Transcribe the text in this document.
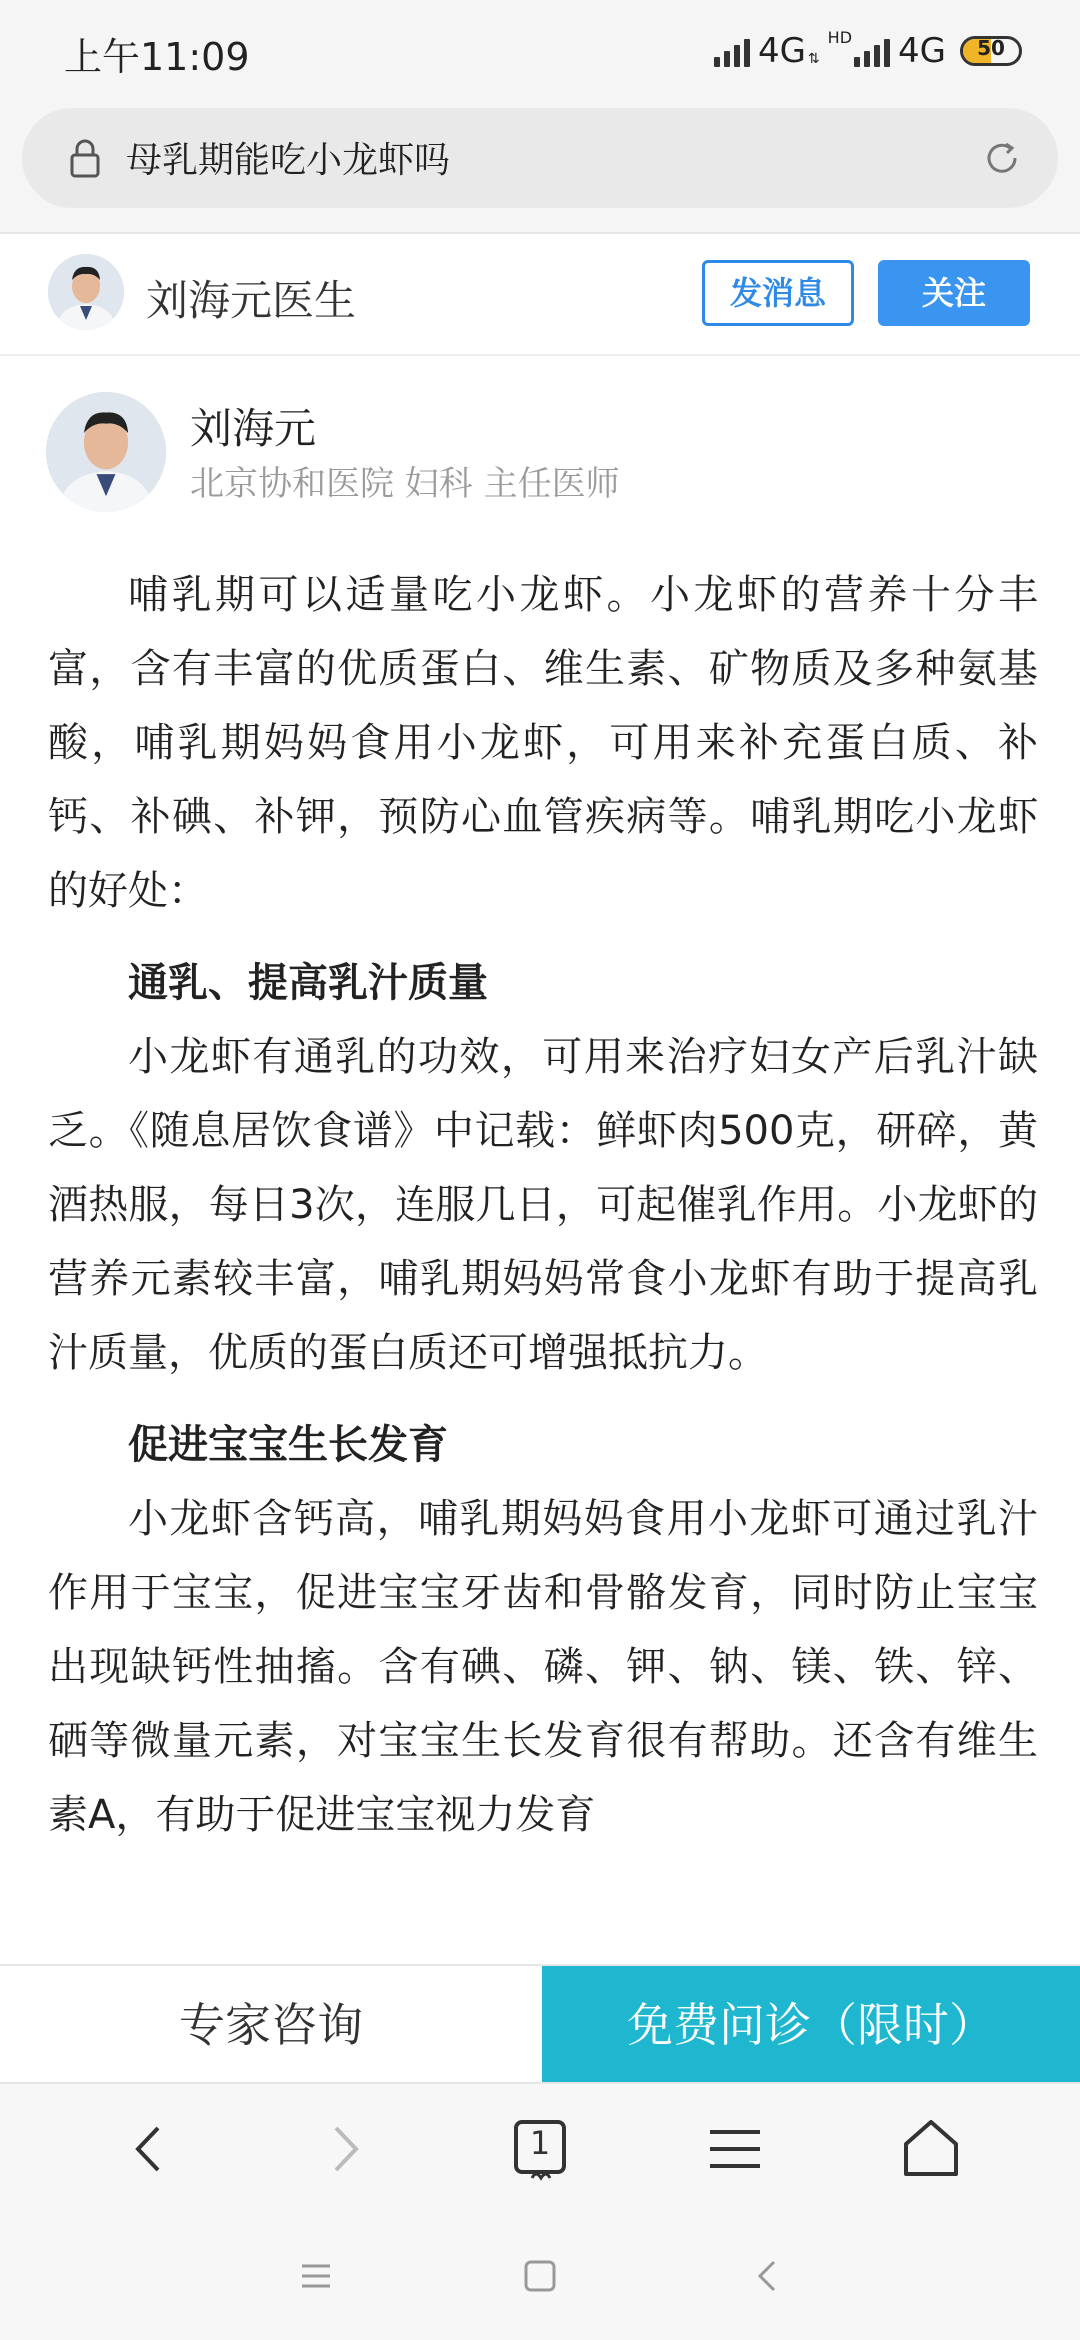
上午11:09	4G ⇅
HD 4G	50
母乳期能吃小龙虾吗
刘海元医生	发消息	关注
刘海元
北京协和医院 妇科 主任医师

哺乳期可以适量吃小龙虾。小龙虾的营养十分丰富，含有丰富的优质蛋白、维生素、矿物质及多种氨基酸，哺乳期妈妈食用小龙虾，可用来补充蛋白质、补钙、补碘、补钾，预防心血管疾病等。哺乳期吃小龙虾的好处：

通乳、提高乳汁质量

小龙虾有通乳的功效，可用来治疗妇女产后乳汁缺乏。《随息居饮食谱》中记载：鲜虾肉500克，研碎，黄酒热服，每日3次，连服几日，可起催乳作用。小龙虾的营养元素较丰富，哺乳期妈妈常食小龙虾有助于提高乳汁质量，优质的蛋白质还可增强抵抗力。

促进宝宝生长发育

小龙虾含钙高，哺乳期妈妈食用小龙虾可通过乳汁作用于宝宝，促进宝宝牙齿和骨骼发育，同时防止宝宝出现缺钙性抽搐。含有碘、磷、钾、钠、镁、铁、锌、硒等微量元素，对宝宝生长发育很有帮助。还含有维生素A，有助于促进宝宝视力发育

专家咨询	免费问诊（限时）
1
